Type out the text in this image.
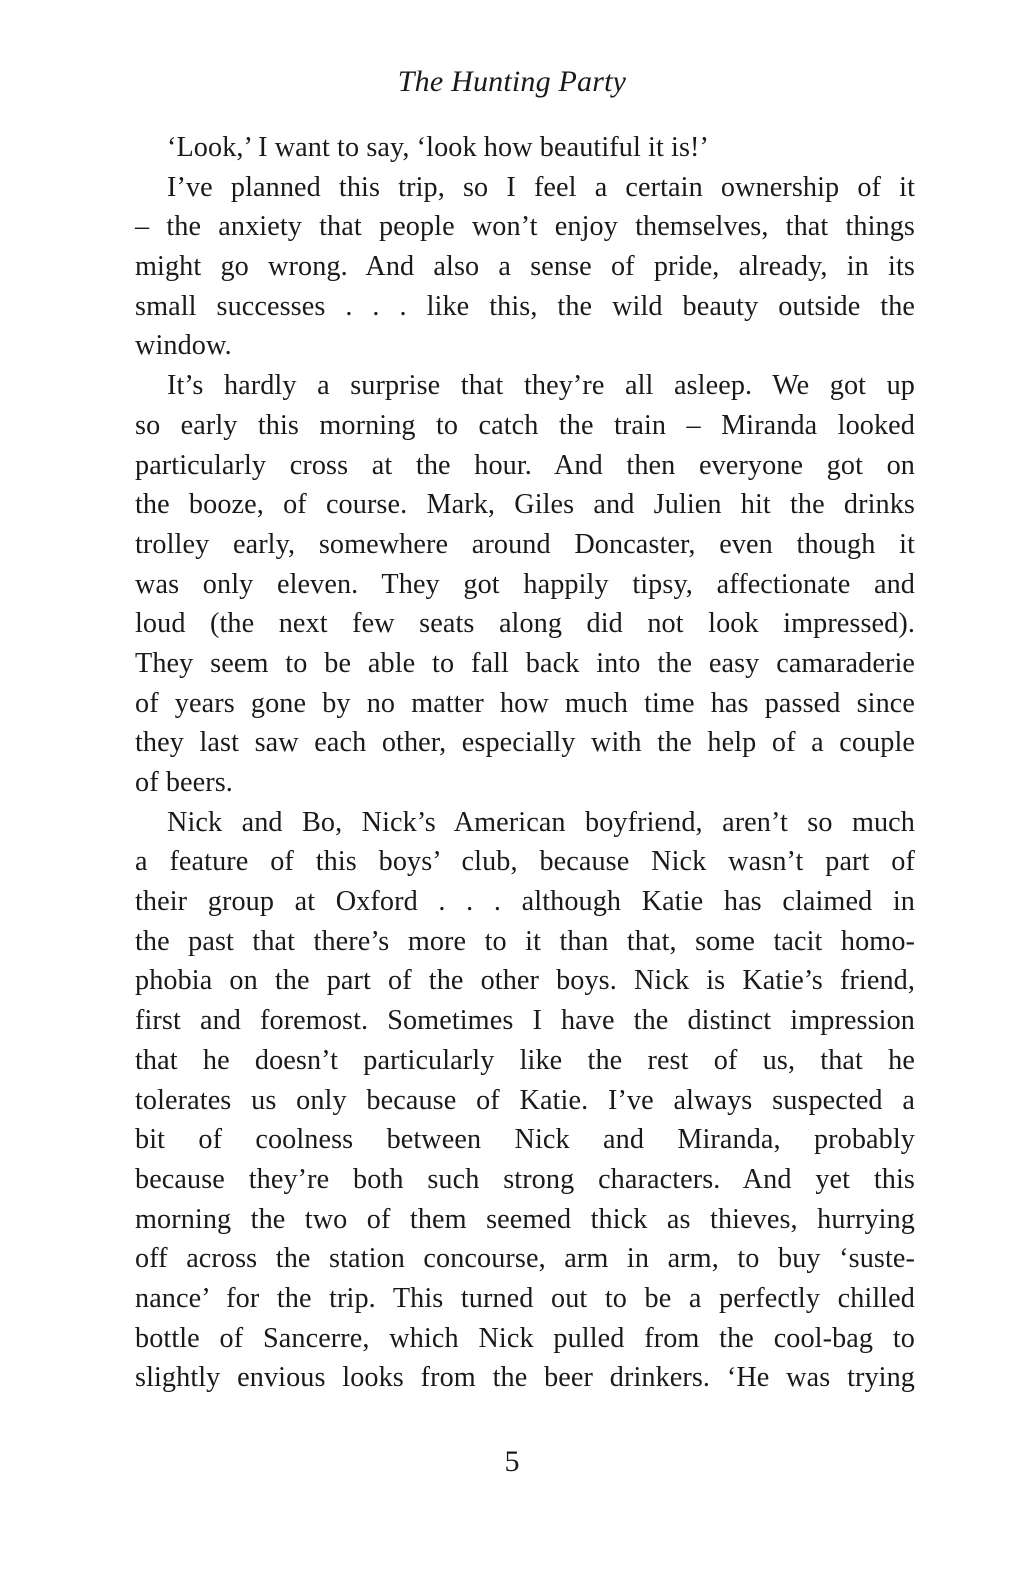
The Hunting Party
‘Look,’ I want to say, ‘look how beautiful it is!’
I’ve planned this trip, so I feel a certain ownership of it
– the anxiety that people won’t enjoy themselves, that things
might go wrong. And also a sense of pride, already, in its
small successes . . . like this, the wild beauty outside the
window.
It’s hardly a surprise that they’re all asleep. We got up
so early this morning to catch the train – Miranda looked
particularly cross at the hour. And then everyone got on
the booze, of course. Mark, Giles and Julien hit the drinks
trolley early, somewhere around Doncaster, even though it
was only eleven. They got happily tipsy, affectionate and
loud (the next few seats along did not look impressed).
They seem to be able to fall back into the easy camaraderie
of years gone by no matter how much time has passed since
they last saw each other, especially with the help of a couple
of beers.
Nick and Bo, Nick’s American boyfriend, aren’t so much
a feature of this boys’ club, because Nick wasn’t part of
their group at Oxford . . . although Katie has claimed in
the past that there’s more to it than that, some tacit homo-
phobia on the part of the other boys. Nick is Katie’s friend,
first and foremost. Sometimes I have the distinct impression
that he doesn’t particularly like the rest of us, that he
tolerates us only because of Katie. I’ve always suspected a
bit of coolness between Nick and Miranda, probably
because they’re both such strong characters. And yet this
morning the two of them seemed thick as thieves, hurrying
off across the station concourse, arm in arm, to buy ‘suste-
nance’ for the trip. This turned out to be a perfectly chilled
bottle of Sancerre, which Nick pulled from the cool-bag to
slightly envious looks from the beer drinkers. ‘He was trying
5
